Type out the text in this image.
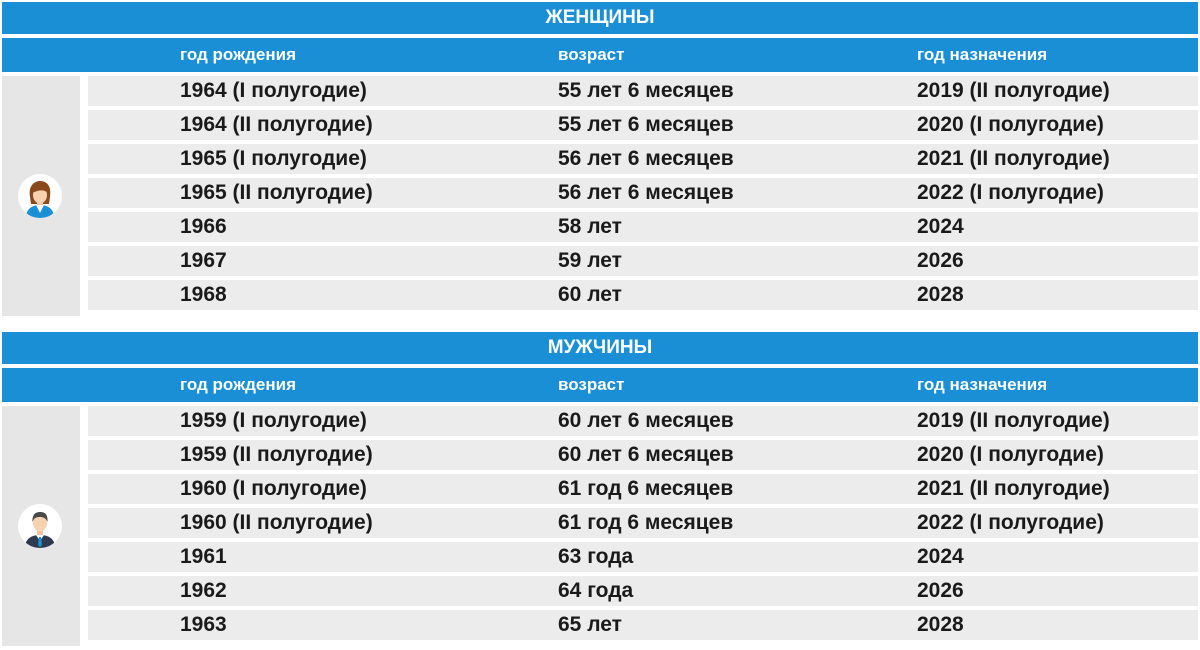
ЖЕНЩИНЫ
год рождения	возраст	год назначения
1964 (I полугодие)	55 лет 6 месяцев	2019 (II полугодие)
1964 (II полугодие)	55 лет 6 месяцев	2020 (I полугодие)
1965 (I полугодие)	56 лет 6 месяцев	2021 (II полугодие)
1965 (II полугодие)	56 лет 6 месяцев	2022 (I полугодие)
1966	58 лет	2024
1967	59 лет	2026
1968	60 лет	2028
МУЖЧИНЫ
год рождения	возраст	год назначения
1959 (I полугодие)	60 лет 6 месяцев	2019 (II полугодие)
1959 (II полугодие)	60 лет 6 месяцев	2020 (I полугодие)
1960 (I полугодие)	61 год 6 месяцев	2021 (II полугодие)
1960 (II полугодие)	61 год 6 месяцев	2022 (I полугодие)
1961	63 года	2024
1962	64 года	2026
1963	65 лет	2028
